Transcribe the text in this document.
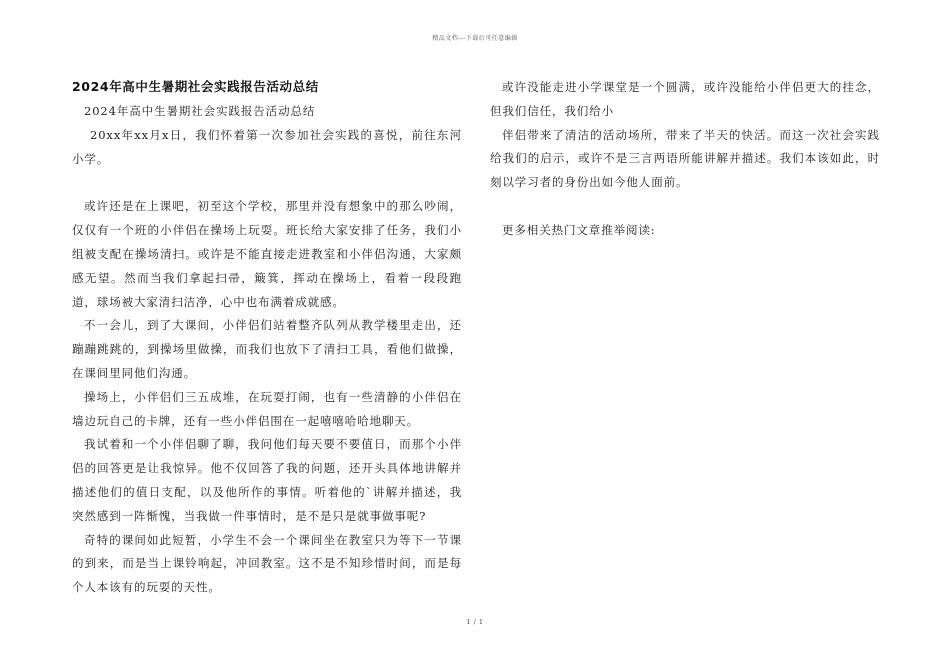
精品文档---下载后可任意编辑
2024年高中生暑期社会实践报告活动总结

2024年高中生暑期社会实践报告活动总结

20xx年xx月x日，我们怀着第一次参加社会实践的喜悦，前往东河小学。

或许还是在上课吧，初至这个学校，那里并没有想象中的那么吵闹，仅仅有一个班的小伴侣在操场上玩耍。班长给大家安排了任务，我们小组被支配在操场清扫。或许是不能直接走进教室和小伴侣沟通，大家颇感无望。然而当我们拿起扫帚，簸箕，挥动在操场上，看着一段段跑道，球场被大家清扫洁净，心中也布满着成就感。

不一会儿，到了大课间，小伴侣们站着整齐队列从教学楼里走出，还蹦蹦跳跳的，到操场里做操，而我们也放下了清扫工具，看他们做操，在课间里同他们沟通。

操场上，小伴侣们三五成堆，在玩耍打闹，也有一些清静的小伴侣在墙边玩自己的卡牌，还有一些小伴侣围在一起嘻嘻哈哈地聊天。

我试着和一个小伴侣聊了聊，我问他们每天要不要值日，而那个小伴侣的回答更是让我惊异。他不仅回答了我的问题，还开头具体地讲解并描述他们的值日支配，以及他所作的事情。听着他的`讲解并描述，我突然感到一阵惭愧，当我做一件事情时，是不是只是就事做事呢?

奇特的课间如此短暂，小学生不会一个课间坐在教室只为等下一节课的到来，而是当上课铃响起，冲回教室。这不是不知珍惜时间，而是每个人本该有的玩耍的天性。

或许没能走进小学课堂是一个圆满，或许没能给小伴侣更大的挂念，但我们信任，我们给小

伴侣带来了清洁的活动场所，带来了半天的快活。而这一次社会实践给我们的启示，或许不是三言两语所能讲解并描述。我们本该如此，时刻以学习者的身份出如今他人面前。

更多相关热门文章推举阅读:

1 / 1
